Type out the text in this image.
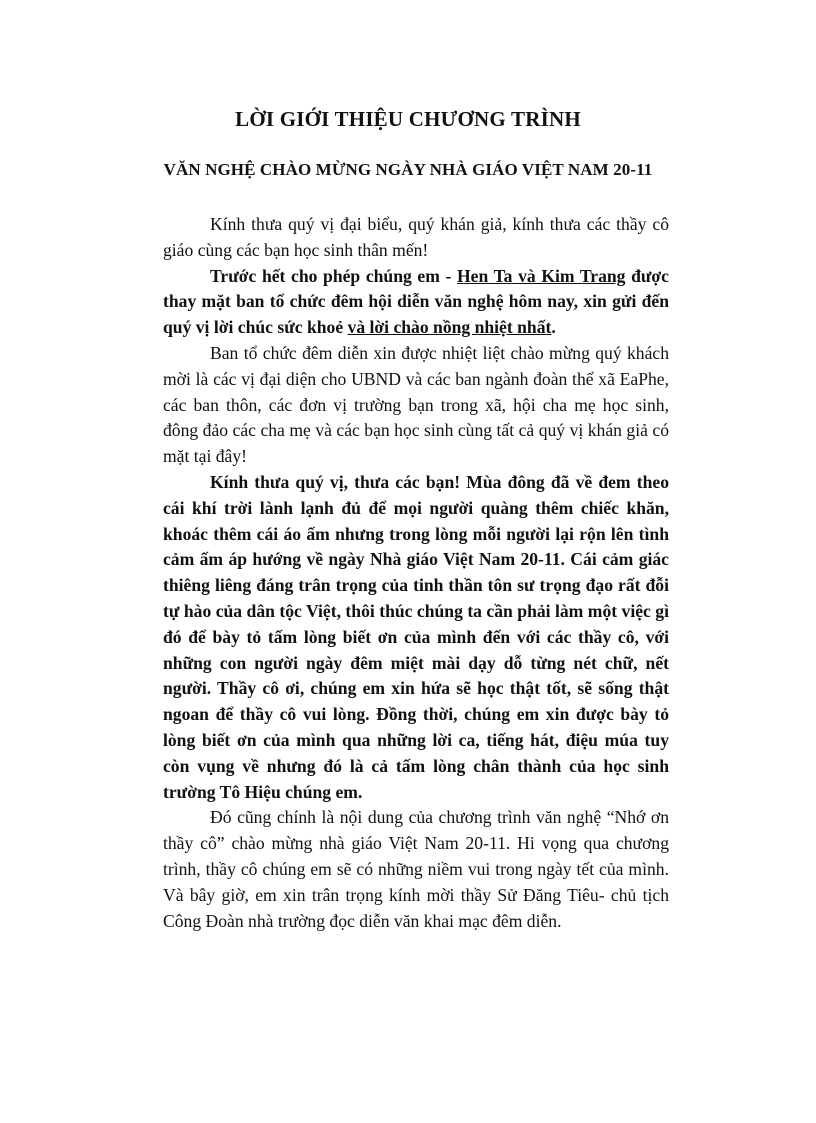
LỜI GIỚI THIỆU CHƯƠNG TRÌNH
VĂN NGHỆ CHÀO MỪNG NGÀY NHÀ GIÁO VIỆT NAM 20-11

Kính thưa quý vị đại biểu, quý khán giả, kính thưa các thầy cô giáo cùng các bạn học sinh thân mến!

Trước hết cho phép chúng em - Hen Ta và Kim Trang được thay mặt ban tổ chức đêm hội diễn văn nghệ hôm nay, xin gửi đến quý vị lời chúc sức khoẻ và lời chào nồng nhiệt nhất.

Ban tổ chức đêm diễn xin được nhiệt liệt chào mừng quý khách mời là các vị đại diện cho UBND và các ban ngành đoàn thể xã EaPhe, các ban thôn, các đơn vị trường bạn trong xã, hội cha mẹ học sinh, đông đảo các cha mẹ và các bạn học sinh cùng tất cả quý vị khán giả có mặt tại đây!

Kính thưa quý vị, thưa các bạn! Mùa đông đã về đem theo cái khí trời lành lạnh đủ để mọi người quàng thêm chiếc khăn, khoác thêm cái áo ấm nhưng trong lòng mỗi người lại rộn lên tình cảm ấm áp hướng về ngày Nhà giáo Việt Nam 20-11. Cái cảm giác thiêng liêng đáng trân trọng của tinh thần tôn sư trọng đạo rất đỗi tự hào của dân tộc Việt, thôi thúc chúng ta cần phải làm một việc gì đó để bày tỏ tấm lòng biết ơn của mình đến với các thầy cô, với những con người ngày đêm miệt mài dạy dỗ từng nét chữ, nết người. Thầy cô ơi, chúng em xin hứa sẽ học thật tốt, sẽ sống thật ngoan để thầy cô vui lòng. Đồng thời, chúng em xin được bày tỏ lòng biết ơn của mình qua những lời ca, tiếng hát, điệu múa tuy còn vụng về nhưng đó là cả tấm lòng chân thành của học sinh trường Tô Hiệu chúng em.

Đó cũng chính là nội dung của chương trình văn nghệ “Nhớ ơn thầy cô” chào mừng nhà giáo Việt Nam 20-11. Hi vọng qua chương trình, thầy cô chúng em sẽ có những niềm vui trong ngày tết của mình. Và bây giờ, em xin trân trọng kính mời thầy Sử Đăng Tiêu- chủ tịch Công Đoàn nhà trường đọc diễn văn khai mạc đêm diễn.
